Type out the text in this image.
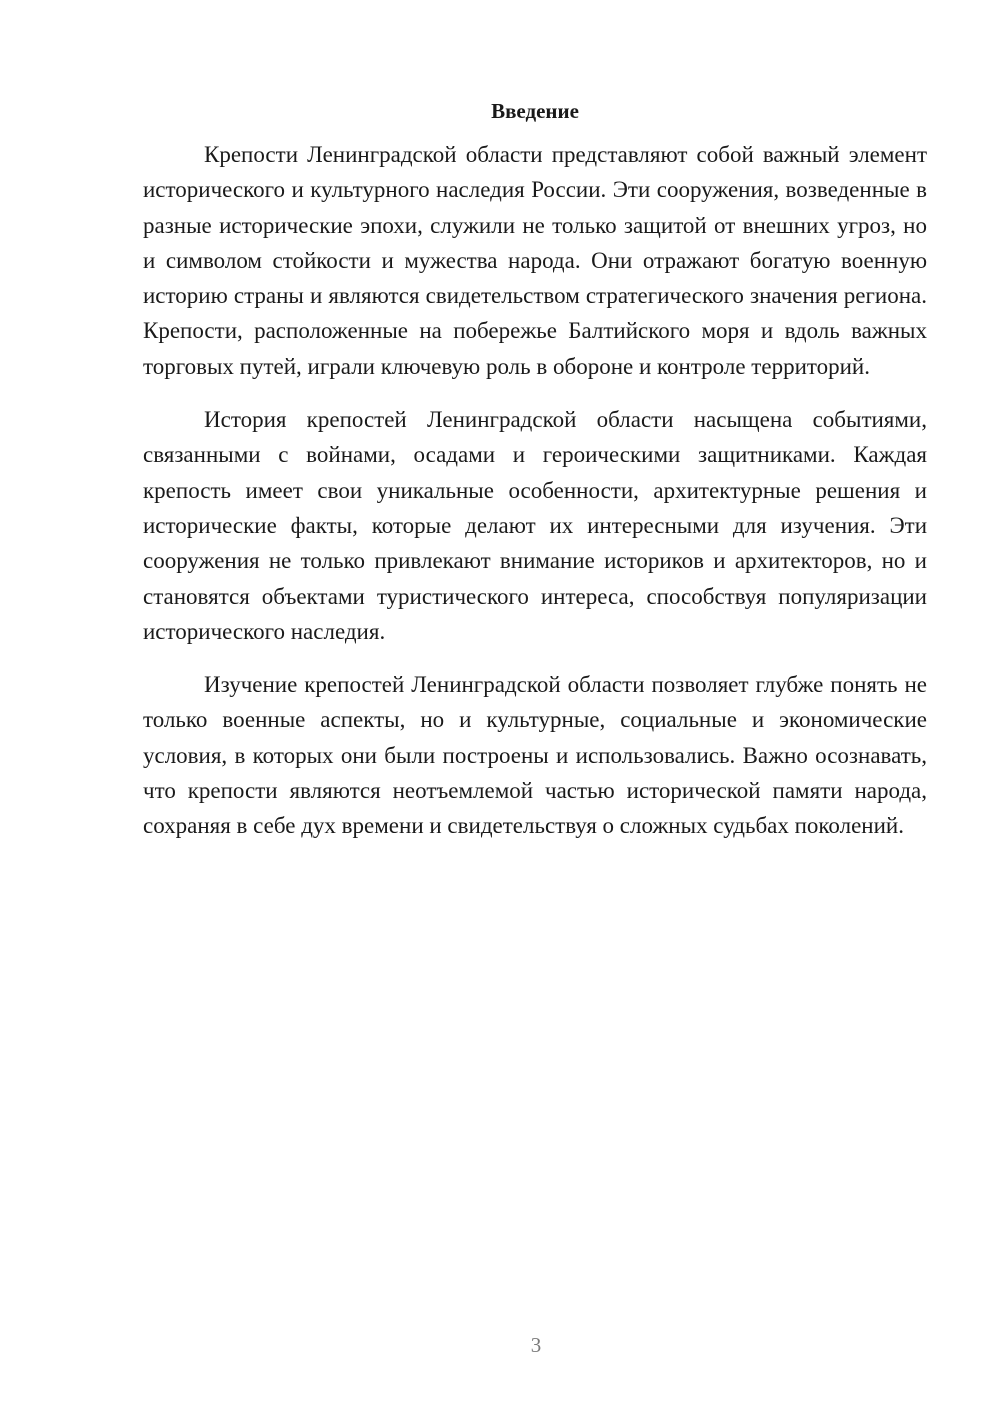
Введение

Крепости Ленинградской области представляют собой важный элемент исторического и культурного наследия России. Эти сооружения, возведенные в разные исторические эпохи, служили не только защитой от внешних угроз, но и символом стойкости и мужества народа. Они отражают богатую военную историю страны и являются свидетельством стратегического значения региона. Крепости, расположенные на побережье Балтийского моря и вдоль важных торговых путей, играли ключевую роль в обороне и контроле территорий.

История крепостей Ленинградской области насыщена событиями, связанными с войнами, осадами и героическими защитниками. Каждая крепость имеет свои уникальные особенности, архитектурные решения и исторические факты, которые делают их интересными для изучения. Эти сооружения не только привлекают внимание историков и архитекторов, но и становятся объектами туристического интереса, способствуя популяризации исторического наследия.

Изучение крепостей Ленинградской области позволяет глубже понять не только военные аспекты, но и культурные, социальные и экономические условия, в которых они были построены и использовались. Важно осознавать, что крепости являются неотъемлемой частью исторической памяти народа, сохраняя в себе дух времени и свидетельствуя о сложных судьбах поколений.

3
